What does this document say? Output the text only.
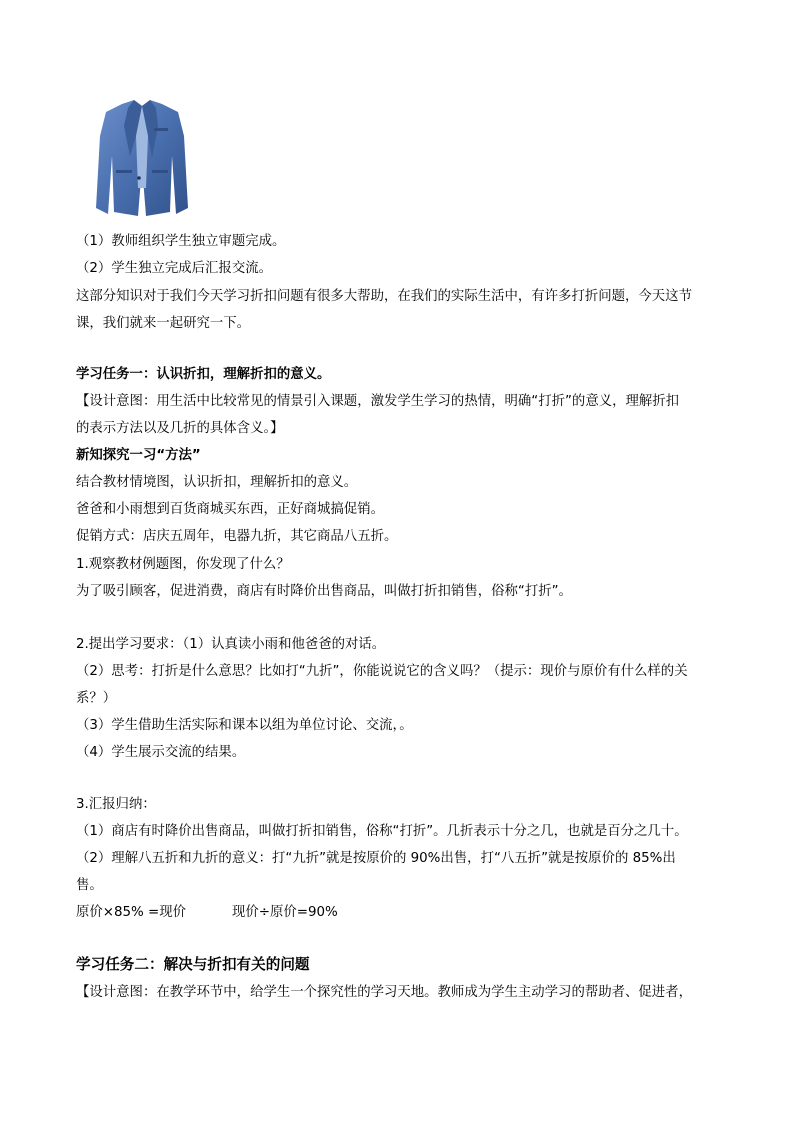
（1）教师组织学生独立审题完成。
（2）学生独立完成后汇报交流。
这部分知识对于我们今天学习折扣问题有很多大帮助，在我们的实际生活中，有许多打折问题，今天这节
课，我们就来一起研究一下。
学习任务一：认识折扣，理解折扣的意义。
【设计意图：用生活中比较常见的情景引入课题，激发学生学习的热情，明确“打折”的意义，理解折扣
的表示方法以及几折的具体含义。】
新知探究一习“方法”
结合教材情境图，认识折扣，理解折扣的意义。
爸爸和小雨想到百货商城买东西，正好商城搞促销。
促销方式：店庆五周年，电器九折，其它商品八五折。
1.观察教材例题图，你发现了什么？
为了吸引顾客，促进消费，商店有时降价出售商品，叫做打折扣销售，俗称“打折”。
2.提出学习要求：（1）认真读小雨和他爸爸的对话。
（2）思考：打折是什么意思？比如打“九折”，你能说说它的含义吗？（提示：现价与原价有什么样的关
系？）
（3）学生借助生活实际和课本以组为单位讨论、交流，。
（4）学生展示交流的结果。
3.汇报归纳：
（1）商店有时降价出售商品，叫做打折扣销售，俗称“打折”。几折表示十分之几，也就是百分之几十。
（2）理解八五折和九折的意义：打“九折”就是按原价的 90%出售，打“八五折”就是按原价的 85%出
售。
原价×85% =现价	现价÷原价=90%
学习任务二：解决与折扣有关的问题
【设计意图：在教学环节中，给学生一个探究性的学习天地。教师成为学生主动学习的帮助者、促进者，
